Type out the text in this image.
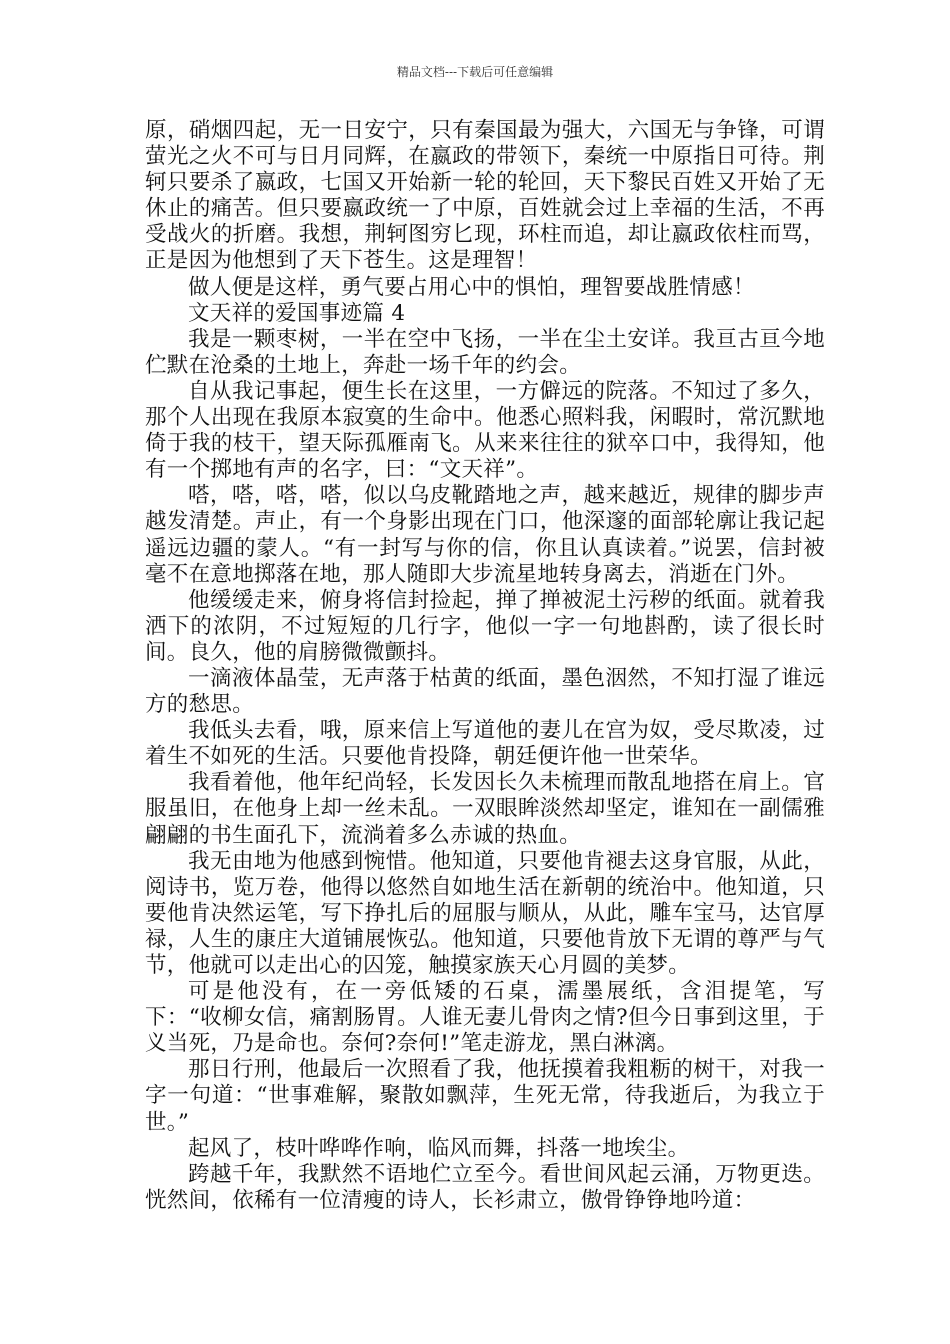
精品文档---下载后可任意编辑

原，硝烟四起，无一日安宁，只有秦国最为强大，六国无与争锋，可谓萤光之火不可与日月同辉，在嬴政的带领下，秦统一中原指日可待。荆轲只要杀了嬴政，七国又开始新一轮的轮回，天下黎民百姓又开始了无休止的痛苦。但只要嬴政统一了中原，百姓就会过上幸福的生活，不再受战火的折磨。我想，荆轲图穷匕现，环柱而追，却让嬴政依柱而骂，正是因为他想到了天下苍生。这是理智！

做人便是这样，勇气要占用心中的惧怕，理智要战胜情感！

文天祥的爱国事迹篇 4

我是一颗枣树，一半在空中飞扬，一半在尘土安详。我亘古亘今地伫默在沧桑的土地上，奔赴一场千年的约会。

自从我记事起，便生长在这里，一方僻远的院落。不知过了多久，那个人出现在我原本寂寞的生命中。他悉心照料我，闲暇时，常沉默地倚于我的枝干，望天际孤雁南飞。从来来往往的狱卒口中，我得知，他有一个掷地有声的名字，曰：“文天祥”。

嗒，嗒，嗒，嗒，似以乌皮靴踏地之声，越来越近，规律的脚步声越发清楚。声止，有一个身影出现在门口，他深邃的面部轮廓让我记起遥远边疆的蒙人。“有一封写与你的信，你且认真读着。”说罢，信封被毫不在意地掷落在地，那人随即大步流星地转身离去，消逝在门外。

他缓缓走来，俯身将信封捡起，掸了掸被泥土污秽的纸面。就着我洒下的浓阴，不过短短的几行字，他似一字一句地斟酌，读了很长时间。良久，他的肩膀微微颤抖。

一滴液体晶莹，无声落于枯黄的纸面，墨色洇然，不知打湿了谁远方的愁思。

我低头去看，哦，原来信上写道他的妻儿在宫为奴，受尽欺凌，过着生不如死的生活。只要他肯投降，朝廷便许他一世荣华。

我看着他，他年纪尚轻，长发因长久未梳理而散乱地搭在肩上。官服虽旧，在他身上却一丝未乱。一双眼眸淡然却坚定，谁知在一副儒雅翩翩的书生面孔下，流淌着多么赤诚的热血。

我无由地为他感到惋惜。他知道，只要他肯褪去这身官服，从此，阅诗书，览万卷，他得以悠然自如地生活在新朝的统治中。他知道，只要他肯决然运笔，写下挣扎后的屈服与顺从，从此，雕车宝马，达官厚禄，人生的康庄大道铺展恢弘。他知道，只要他肯放下无谓的尊严与气节，他就可以走出心的囚笼，触摸家族天心月圆的美梦。

可是他没有，在一旁低矮的石桌，濡墨展纸，含泪提笔，写下：“收柳女信，痛割肠胃。人谁无妻儿骨肉之情?但今日事到这里，于义当死，乃是命也。奈何?奈何!”笔走游龙，黑白淋漓。

那日行刑，他最后一次照看了我，他抚摸着我粗粝的树干，对我一字一句道：“世事难解，聚散如飘萍，生死无常，待我逝后，为我立于世。”

起风了，枝叶哗哗作响，临风而舞，抖落一地埃尘。

跨越千年，我默然不语地伫立至今。看世间风起云涌，万物更迭。恍然间，依稀有一位清瘦的诗人，长衫肃立，傲骨铮铮地吟道：
